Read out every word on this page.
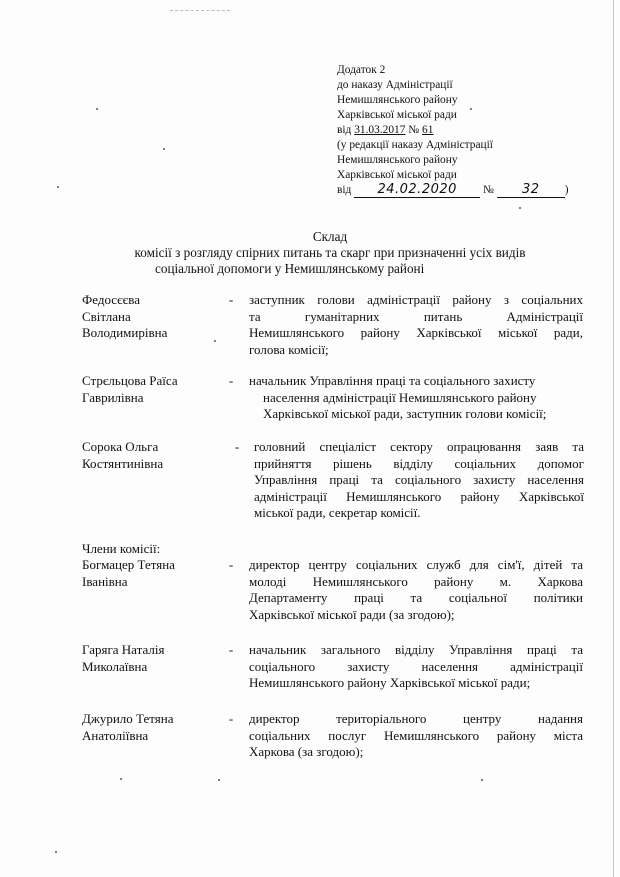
Додаток 2
до наказу Адміністрації
Немишлянського району
Харківської міської ради
від 31.03.2017 № 61
(у редакції наказу Адміністрації
Немишлянського району
Харківської міської ради
від 24.02.2020 № 32 )
Склад
комісії з розгляду спірних питань та скарг при призначенні усіх видів
соціальної допомоги у Немишлянському районі
Федосєєва
Світлана
Володимирівна
- заступник голови адміністрації району з соціальних
та гуманітарних питань Адміністрації
Немишлянського району Харківської міської ради,
голова комісії;
Стрєльцова Раїса
Гаврилівна
- начальник Управління праці та соціального захисту
населення адміністрації Немишлянського району
Харківської міської ради, заступник голови комісії;
Сорока Ольга
Костянтинівна
- головний спеціаліст сектору опрацювання заяв та
прийняття рішень відділу соціальних допомог
Управління праці та соціального захисту населення
адміністрації Немишлянського району Харківської
міської ради, секретар комісії.
Члени комісії:
Богмацер Тетяна
Іванівна
- директор центру соціальних служб для сім'ї, дітей та
молоді Немишлянського району м. Харкова
Департаменту праці та соціальної політики
Харківської міської ради (за згодою);
Гаряга Наталія
Миколаївна
- начальник загального відділу Управління праці та
соціального захисту населення адміністрації
Немишлянського району Харківської міської ради;
Джурило Тетяна
Анатоліївна
- директор територіального центру надання
соціальних послуг Немишлянського району міста
Харкова (за згодою);
